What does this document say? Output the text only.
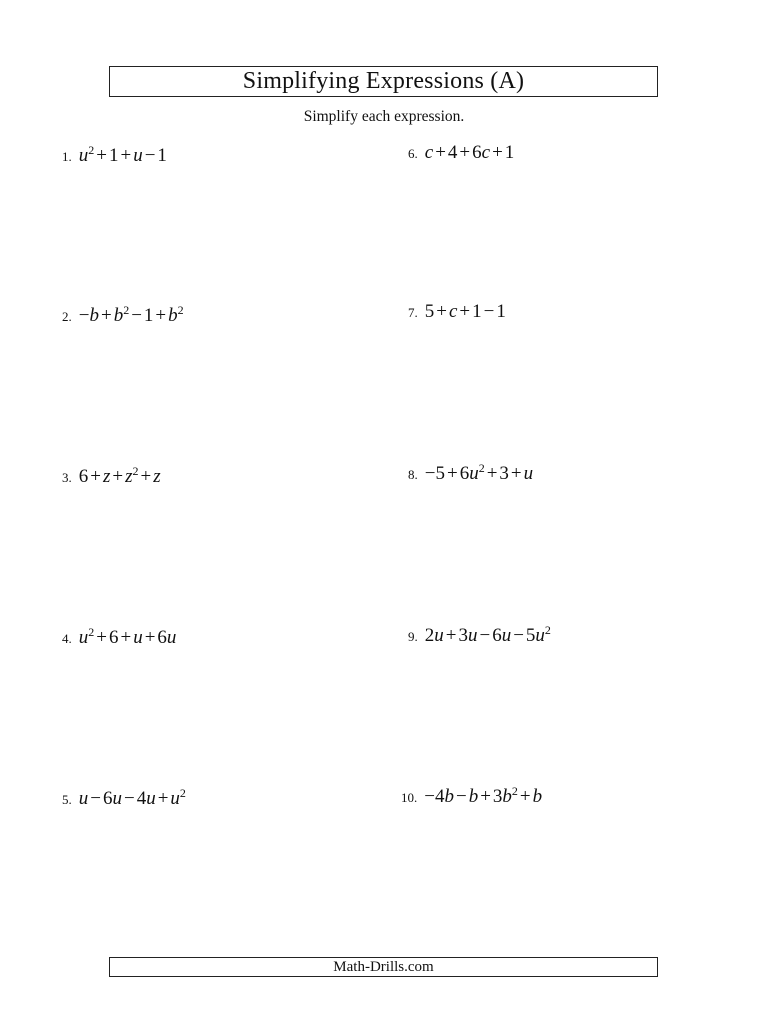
Simplifying Expressions (A)
Simplify each expression.
1. $u^2 + 1 + u - 1$
2. $-b + b^2 - 1 + b^2$
3. $6 + z + z^2 + z$
4. $u^2 + 6 + u + 6u$
5. $u - 6u - 4u + u^2$
6. c + 4 + 6c + 1
7. 5 + c + 1 − 1
8. $-5 + 6u^2 + 3 + u$
9. $2u + 3u - 6u - 5u^2$
10. $-4b - b + 3b^2 + b$
Math-Drills.com
